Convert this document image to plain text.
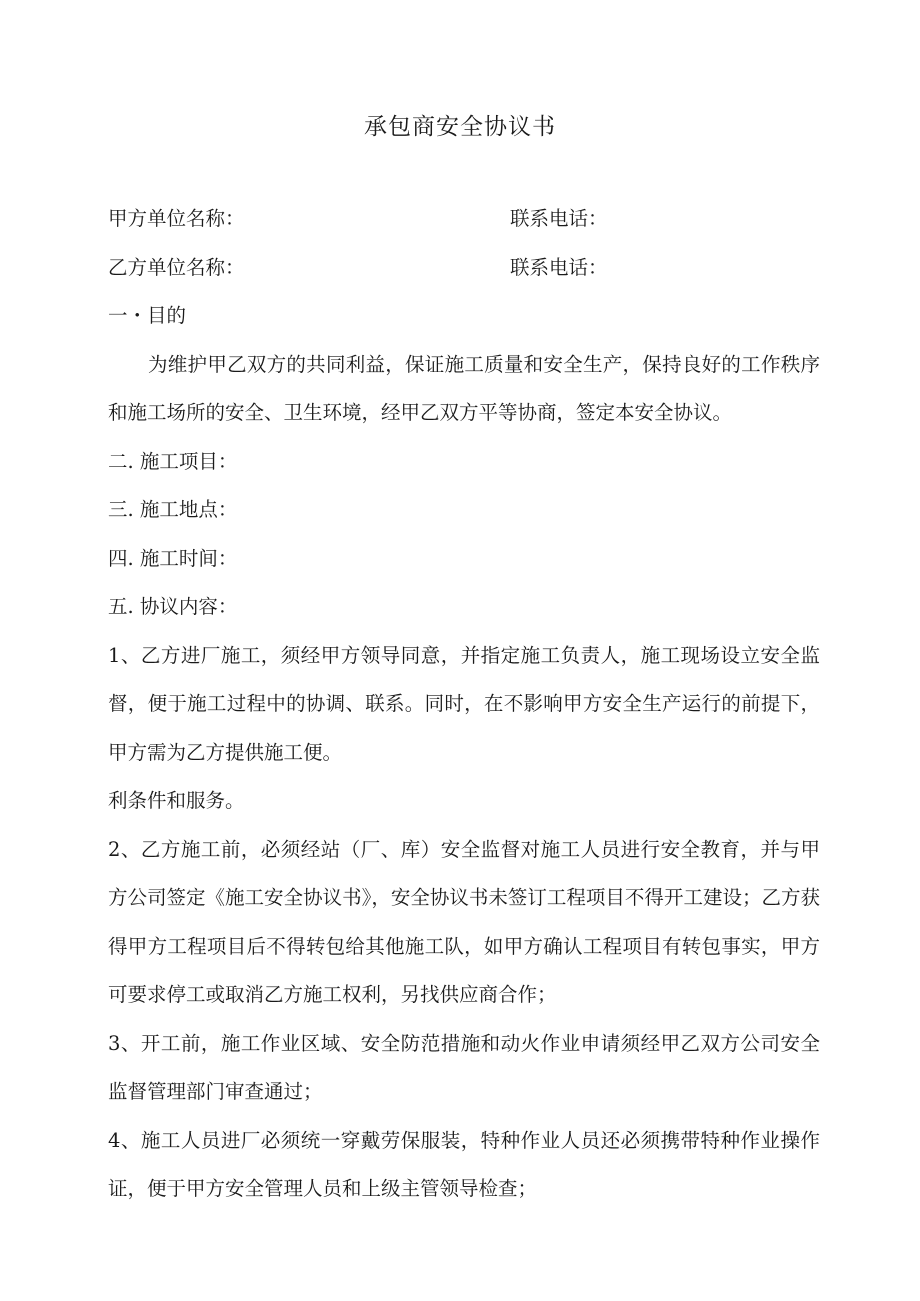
承包商安全协议书
甲方单位名称：	联系电话：
乙方单位名称：	联系电话：

一・目的

为维护甲乙双方的共同利益，保证施工质量和安全生产，保持良好的工作秩序和施工场所的安全、卫生环境，经甲乙双方平等协商，签定本安全协议。

二. 施工项目：

三. 施工地点：

四. 施工时间：

五. 协议内容：

1、乙方进厂施工，须经甲方领导同意，并指定施工负责人，施工现场设立安全监督，便于施工过程中的协调、联系。同时，在不影响甲方安全生产运行的前提下，甲方需为乙方提供施工便。

利条件和服务。

2、乙方施工前，必须经站（厂、库）安全监督对施工人员进行安全教育，并与甲方公司签定《施工安全协议书》，安全协议书未签订工程项目不得开工建设；乙方获得甲方工程项目后不得转包给其他施工队，如甲方确认工程项目有转包事实，甲方可要求停工或取消乙方施工权利，另找供应商合作；

3、开工前，施工作业区域、安全防范措施和动火作业申请须经甲乙双方公司安全监督管理部门审查通过；

4、施工人员进厂必须统一穿戴劳保服装，特种作业人员还必须携带特种作业操作证，便于甲方安全管理人员和上级主管领导检查；
